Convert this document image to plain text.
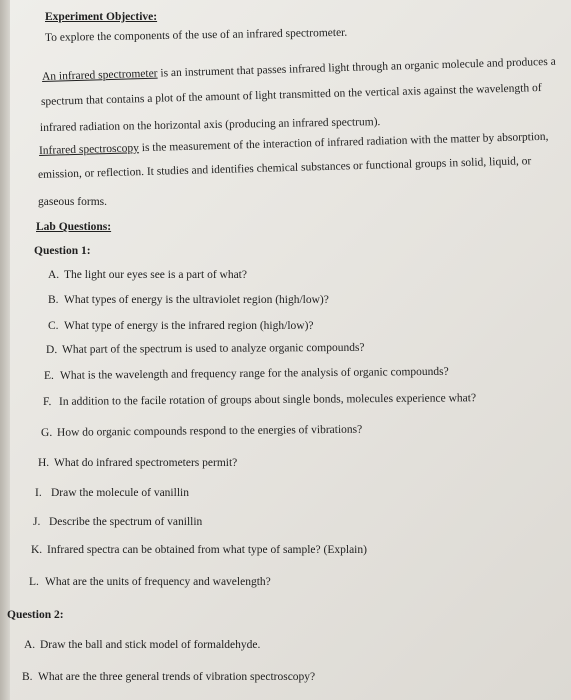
Experiment Objective:
To explore the components of the use of an infrared spectrometer.
An infrared spectrometer is an instrument that passes infrared light through an organic molecule and produces a
spectrum that contains a plot of the amount of light transmitted on the vertical axis against the wavelength of
infrared radiation on the horizontal axis (producing an infrared spectrum).
Infrared spectroscopy is the measurement of the interaction of infrared radiation with the matter by absorption,
emission, or reflection. It studies and identifies chemical substances or functional groups in solid, liquid, or
gaseous forms.
Lab Questions:
Question 1:
A. The light our eyes see is a part of what?
B. What types of energy is the ultraviolet region (high/low)?
C. What type of energy is the infrared region (high/low)?
D. What part of the spectrum is used to analyze organic compounds?
E. What is the wavelength and frequency range for the analysis of organic compounds?
F. In addition to the facile rotation of groups about single bonds, molecules experience what?
G. How do organic compounds respond to the energies of vibrations?
H. What do infrared spectrometers permit?
I. Draw the molecule of vanillin
J. Describe the spectrum of vanillin
K. Infrared spectra can be obtained from what type of sample? (Explain)
L. What are the units of frequency and wavelength?
Question 2:
A. Draw the ball and stick model of formaldehyde.
B. What are the three general trends of vibration spectroscopy?
